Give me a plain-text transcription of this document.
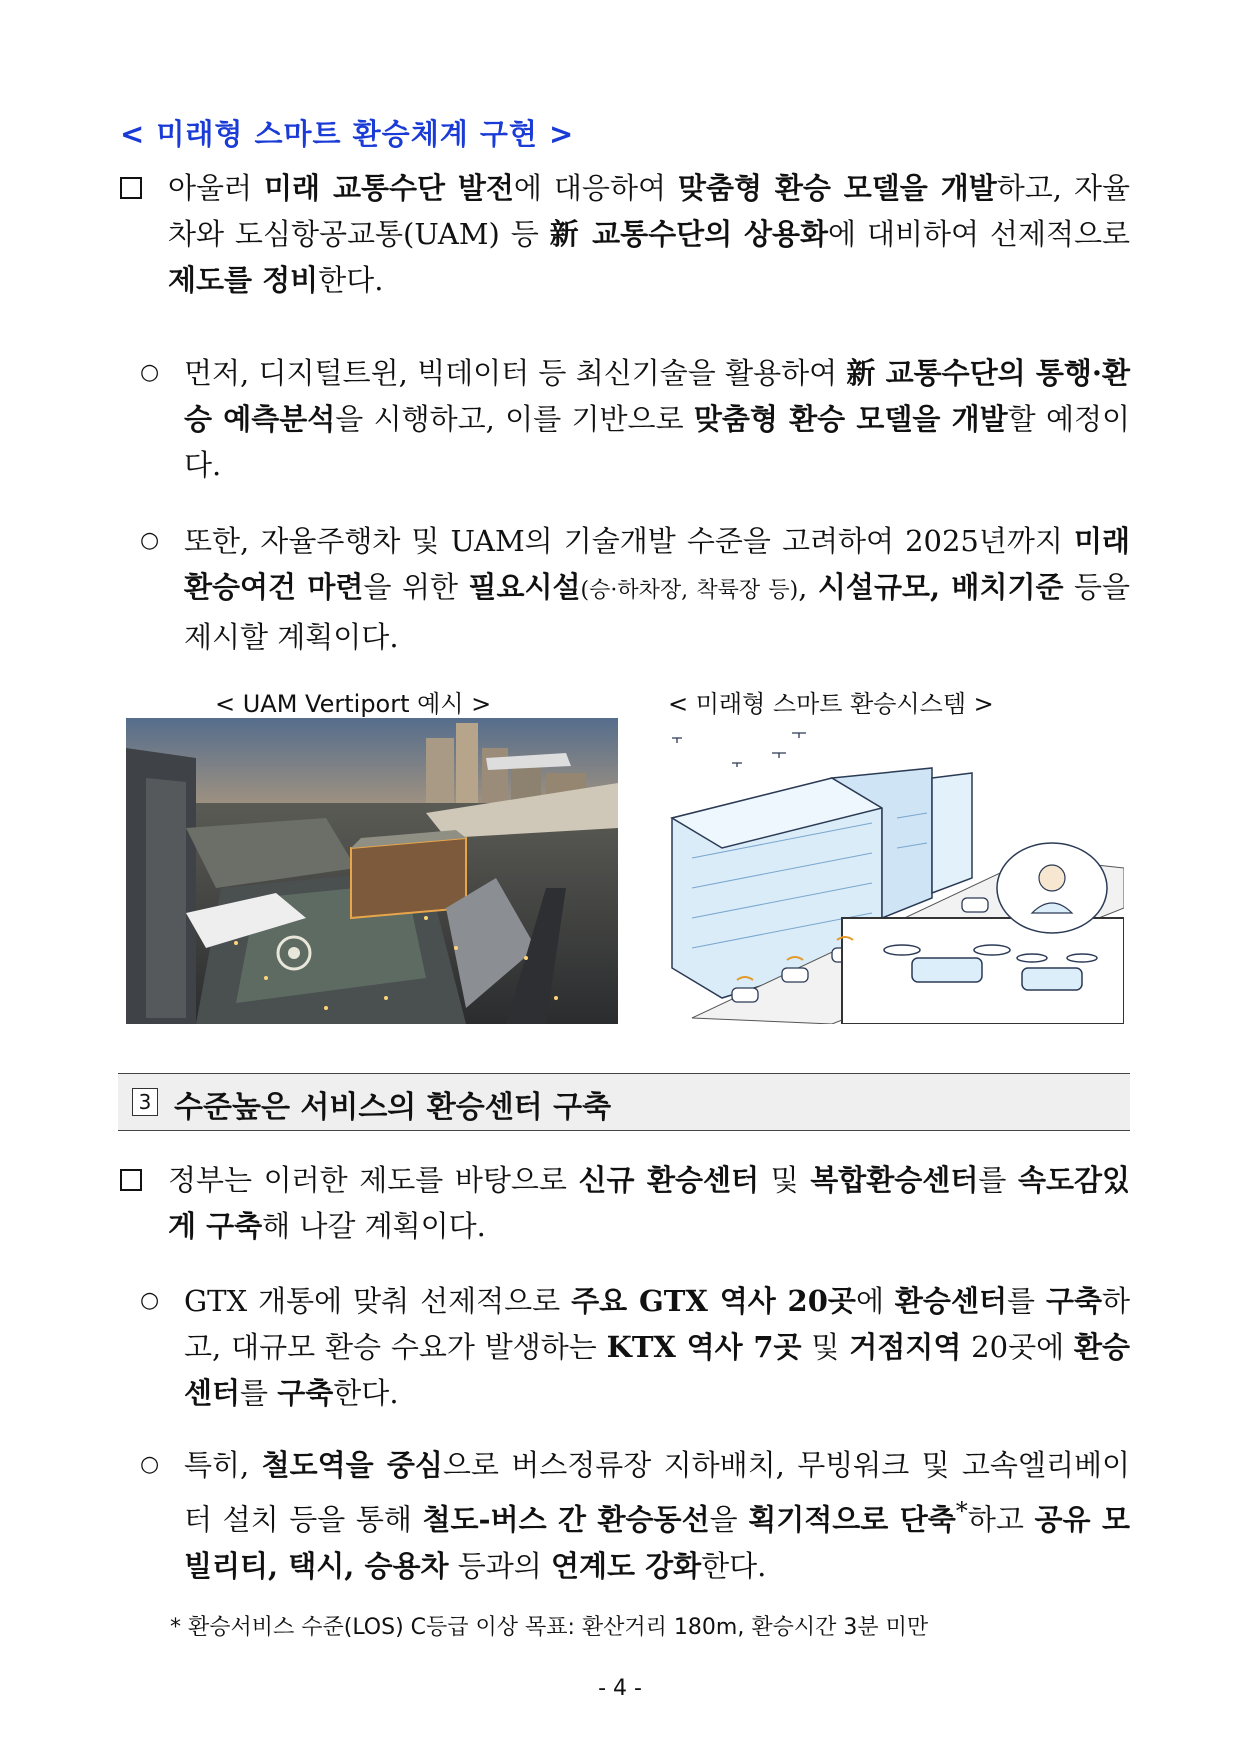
< 미래형 스마트 환승체계 구현 >
아울러 미래 교통수단 발전에 대응하여 맞춤형 환승 모델을 개발하고, 자율차와 도심항공교통(UAM) 등 新 교통수단의 상용화에 대비하여 선제적으로 제도를 정비한다.
○ 먼저, 디지털트윈, 빅데이터 등 최신기술을 활용하여 新 교통수단의 통행·환승 예측분석을 시행하고, 이를 기반으로 맞춤형 환승 모델을 개발할 예정이다.
○ 또한, 자율주행차 및 UAM의 기술개발 수준을 고려하여 2025년까지 미래 환승여건 마련을 위한 필요시설(승·하차장, 착륙장 등), 시설규모, 배치기준 등을 제시할 계획이다.
< UAM Vertiport 예시 >	< 미래형 스마트 환승시스템 >
3 수준높은 서비스의 환승센터 구축
정부는 이러한 제도를 바탕으로 신규 환승센터 및 복합환승센터를 속도감있게 구축해 나갈 계획이다.
○ GTX 개통에 맞춰 선제적으로 주요 GTX 역사 20곳에 환승센터를 구축하고, 대규모 환승 수요가 발생하는 KTX 역사 7곳 및 거점지역 20곳에 환승센터를 구축한다.
○ 특히, 철도역을 중심으로 버스정류장 지하배치, 무빙워크 및 고속엘리베이터 설치 등을 통해 철도-버스 간 환승동선을 획기적으로 단축*하고 공유 모빌리티, 택시, 승용차 등과의 연계도 강화한다.
* 환승서비스 수준(LOS) C등급 이상 목표: 환산거리 180m, 환승시간 3분 미만
- 4 -
